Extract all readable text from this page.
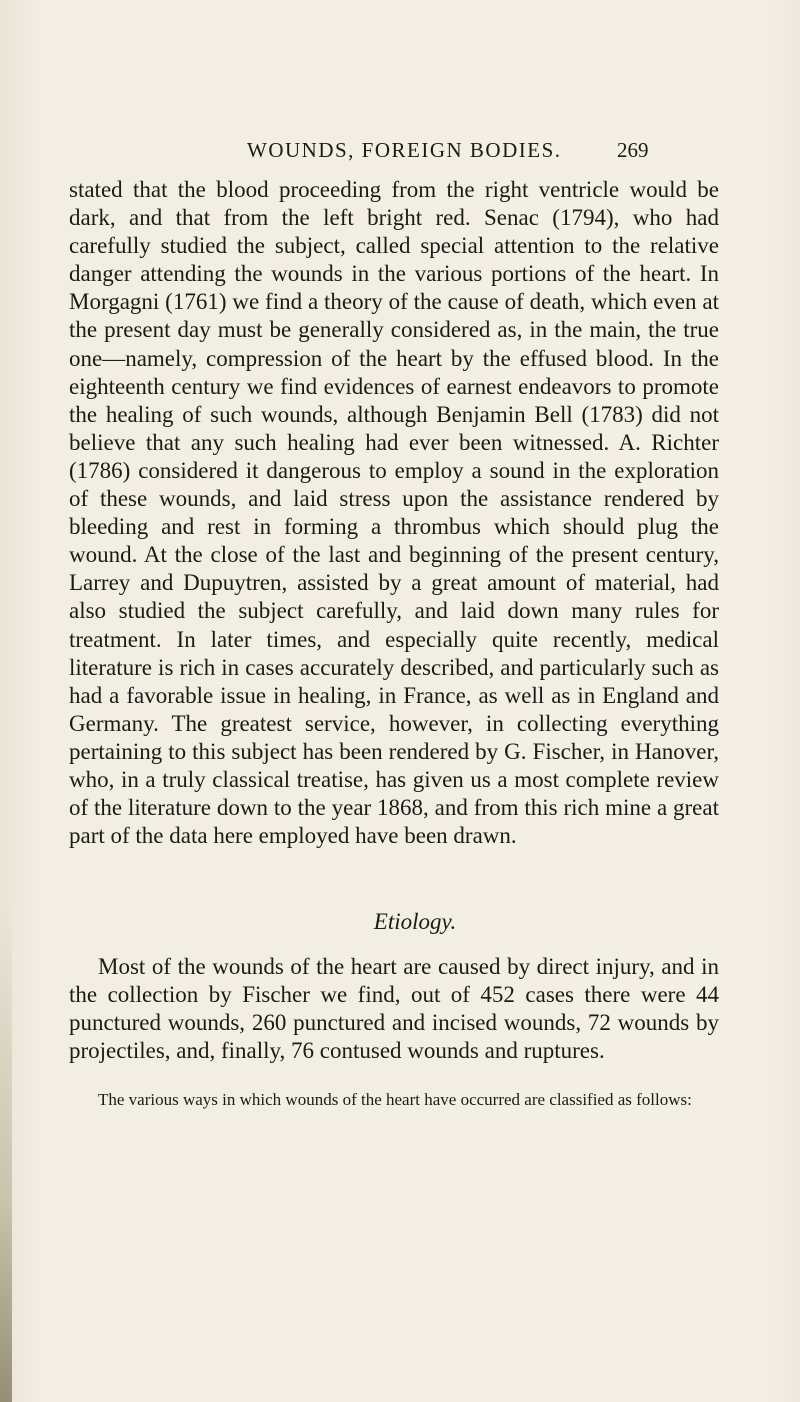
WOUNDS, FOREIGN BODIES.	269

stated that the blood proceeding from the right ventricle would be dark, and that from the left bright red. Senac (1794), who had carefully studied the subject, called special attention to the relative danger attending the wounds in the various portions of the heart. In Morgagni (1761) we find a theory of the cause of death, which even at the present day must be generally considered as, in the main, the true one—namely, compression of the heart by the effused blood. In the eighteenth century we find evidences of earnest endeavors to promote the healing of such wounds, although Benjamin Bell (1783) did not believe that any such healing had ever been witnessed. A. Richter (1786) considered it dangerous to employ a sound in the exploration of these wounds, and laid stress upon the assistance rendered by bleeding and rest in forming a thrombus which should plug the wound. At the close of the last and beginning of the present century, Larrey and Dupuytren, assisted by a great amount of material, had also studied the subject carefully, and laid down many rules for treatment. In later times, and especially quite recently, medical literature is rich in cases accurately described, and particularly such as had a favorable issue in healing, in France, as well as in England and Germany. The greatest service, however, in collecting everything pertaining to this subject has been rendered by G. Fischer, in Hanover, who, in a truly classical treatise, has given us a most complete review of the literature down to the year 1868, and from this rich mine a great part of the data here employed have been drawn.

Etiology.

Most of the wounds of the heart are caused by direct injury, and in the collection by Fischer we find, out of 452 cases there were 44 punctured wounds, 260 punctured and incised wounds, 72 wounds by projectiles, and, finally, 76 contused wounds and ruptures.

The various ways in which wounds of the heart have occurred are classified as follows:
